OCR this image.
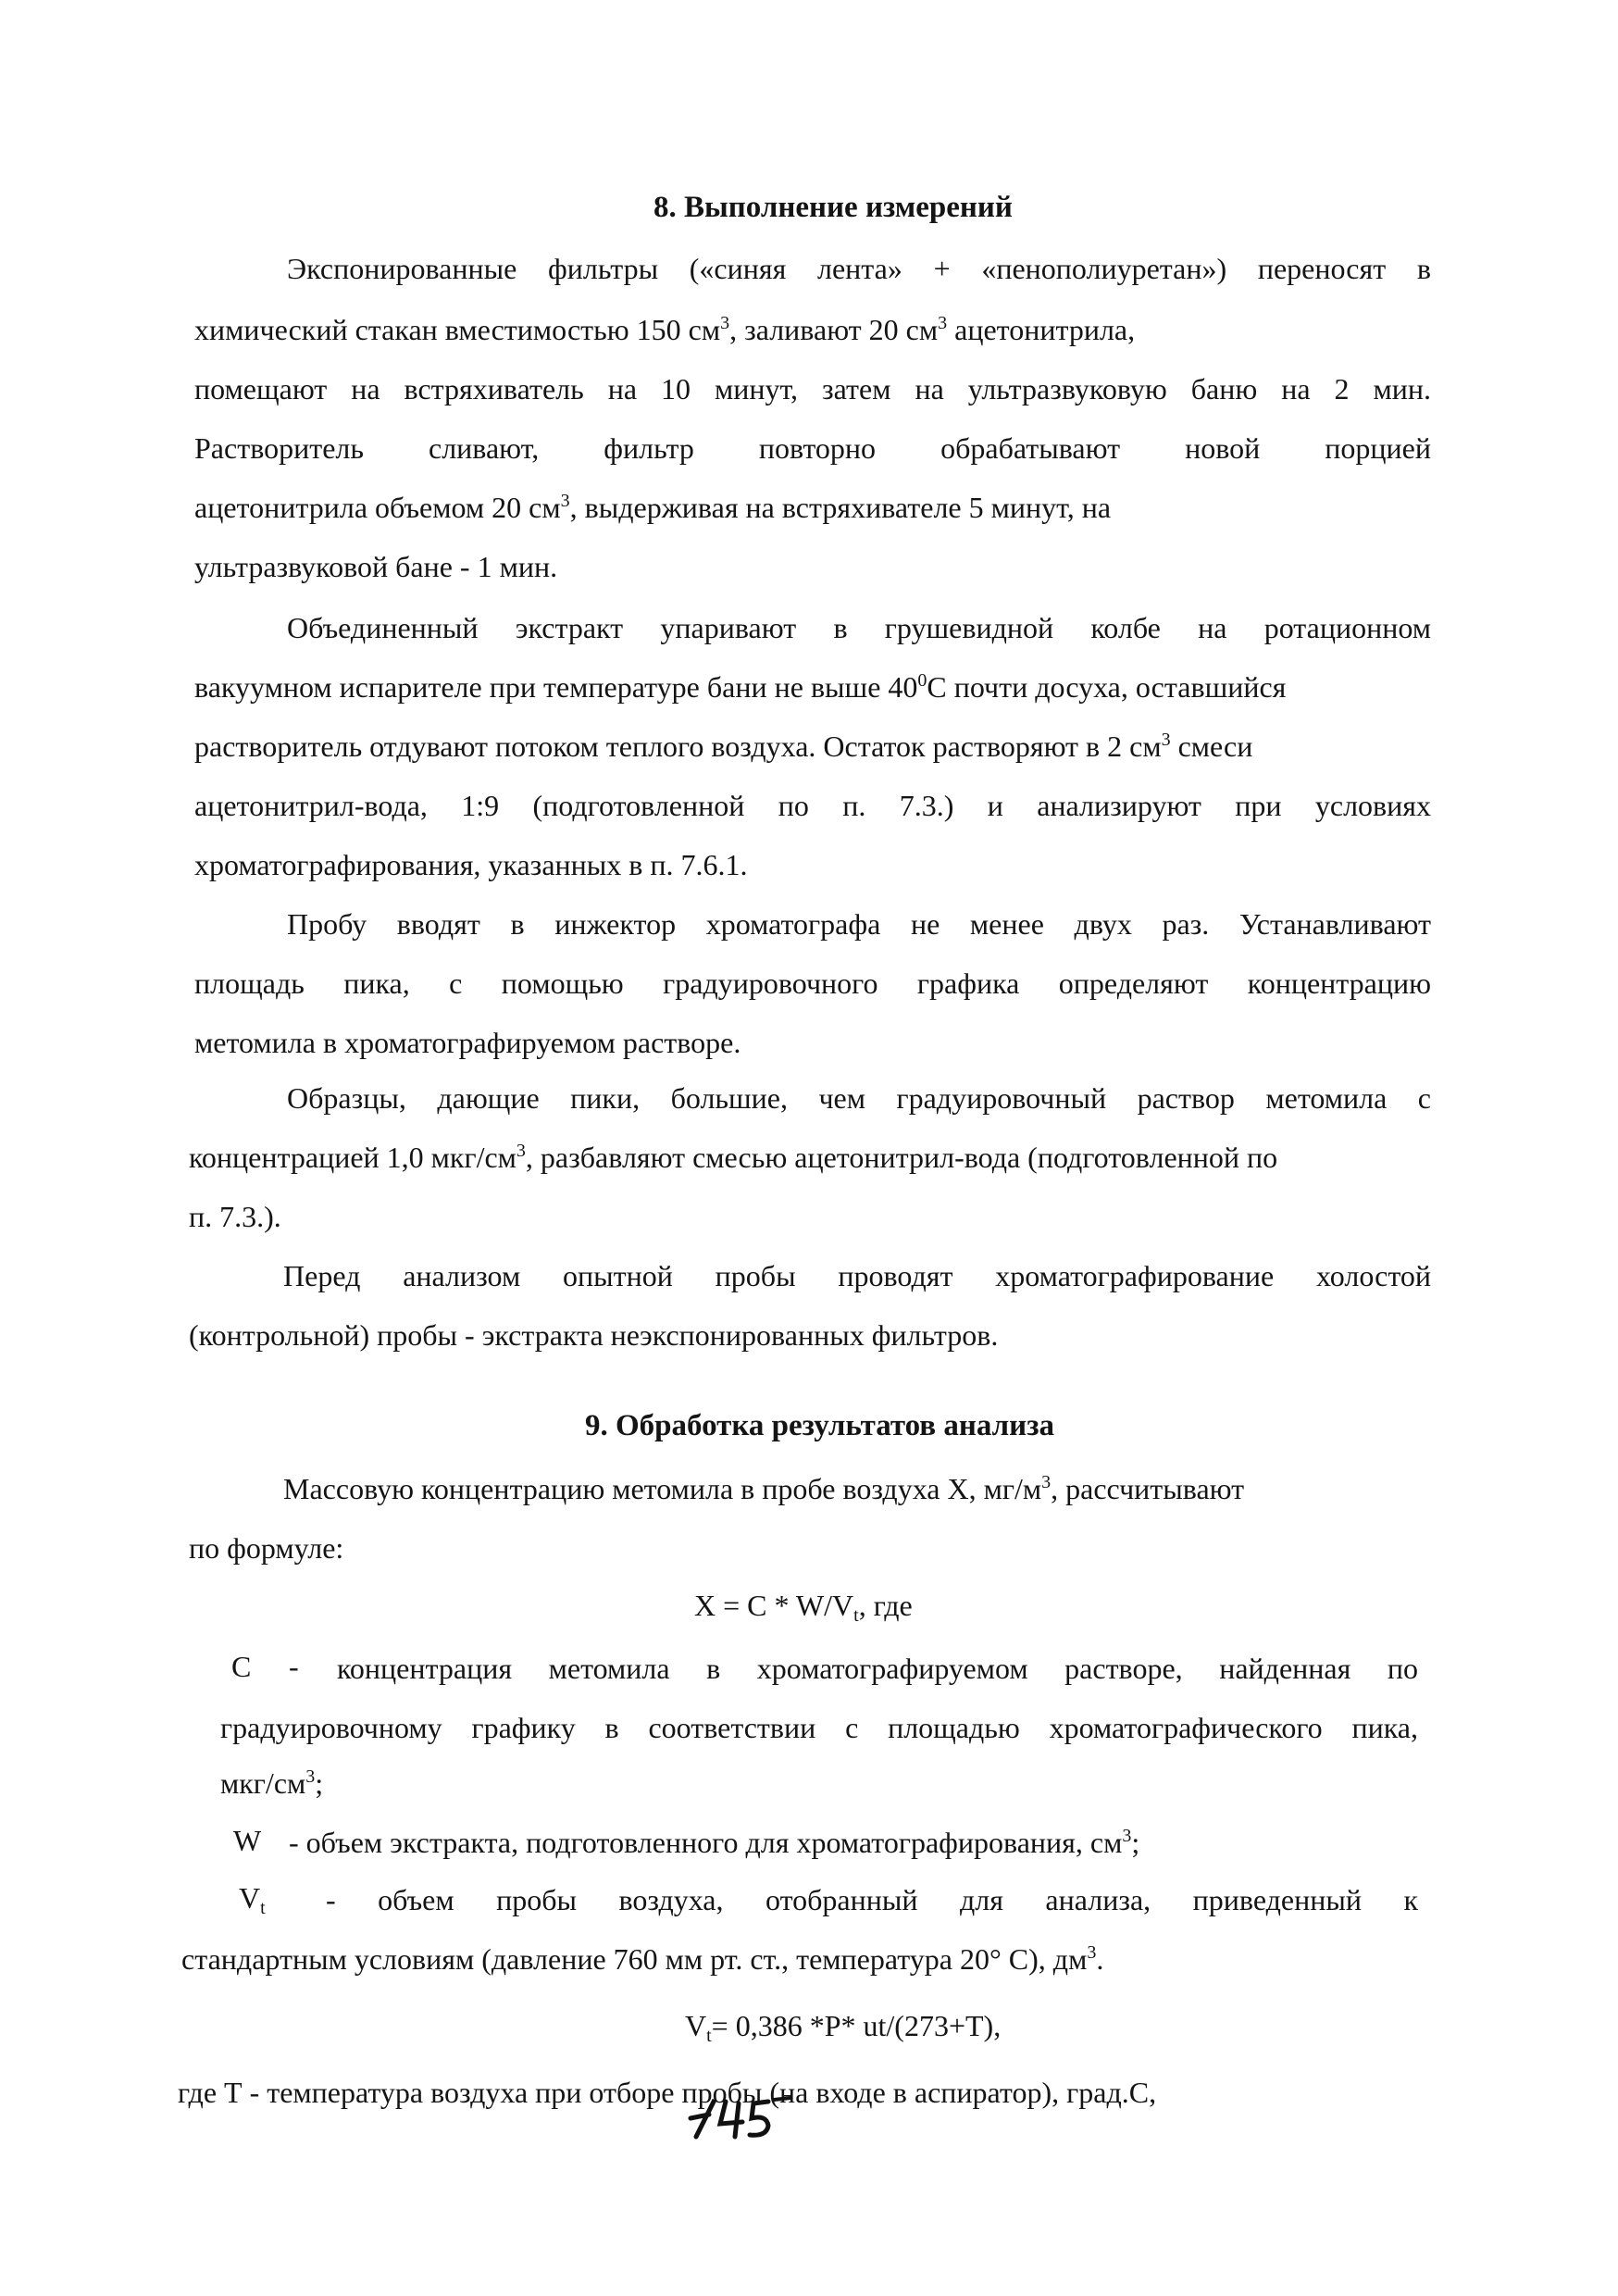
8. Выполнение измерений
Экспонированные фильтры («синяя лента» + «пенополиуретан») переносят в
химический стакан вместимостью 150 $см^3$, заливают 20 $см^3$ ацетонитрила,
помещают на встряхиватель на 10 минут, затем на ультразвуковую баню на 2 мин.
Растворитель сливают, фильтр повторно обрабатывают новой порцией
ацетонитрила объемом 20 $см^3$, выдерживая на встряхивателе 5 минут, на
ультразвуковой бане - 1 мин.
Объединенный экстракт упаривают в грушевидной колбе на ротационном
вакуумном испарителе при температуре бани не выше $40^0С$ почти досуха, оставшийся
растворитель отдувают потоком теплого воздуха. Остаток растворяют в 2 $см^3$ смеси
ацетонитрил-вода, 1:9 (подготовленной по п. 7.3.) и анализируют при условиях
хроматографирования, указанных в п. 7.6.1.
Пробу вводят в инжектор хроматографа не менее двух раз. Устанавливают
площадь пика, с помощью градуировочного графика определяют концентрацию
метомила в хроматографируемом растворе.
Образцы, дающие пики, большие, чем градуировочный раствор метомила с
концентрацией 1,0 мкг/$см^3$, разбавляют смесью ацетонитрил-вода (подготовленной по
п. 7.3.).
Перед анализом опытной пробы проводят хроматографирование холостой
(контрольной) пробы - экстракта неэкспонированных фильтров.
9. Обработка результатов анализа
Массовую концентрацию метомила в пробе воздуха X, $мг/м^3$, рассчитывают
по формуле:
$X = C * W/V_t$, где
C - концентрация метомила в хроматографируемом растворе, найденная по
градуировочному графику в соответствии с площадью хроматографического пика,
мкг/$см^3$;
W - объем экстракта, подготовленного для хроматографирования, $см^3$;
$V_t$ - объем пробы воздуха, отобранный для анализа, приведенный к
стандартным условиям (давление 760 мм рт. ст., температура 20° С), $дм^3$.
$V_t= 0,386$ *P* ut/(273+T),
где Т - температура воздуха при отборе пробы (на входе в аспиратор), град.С,
